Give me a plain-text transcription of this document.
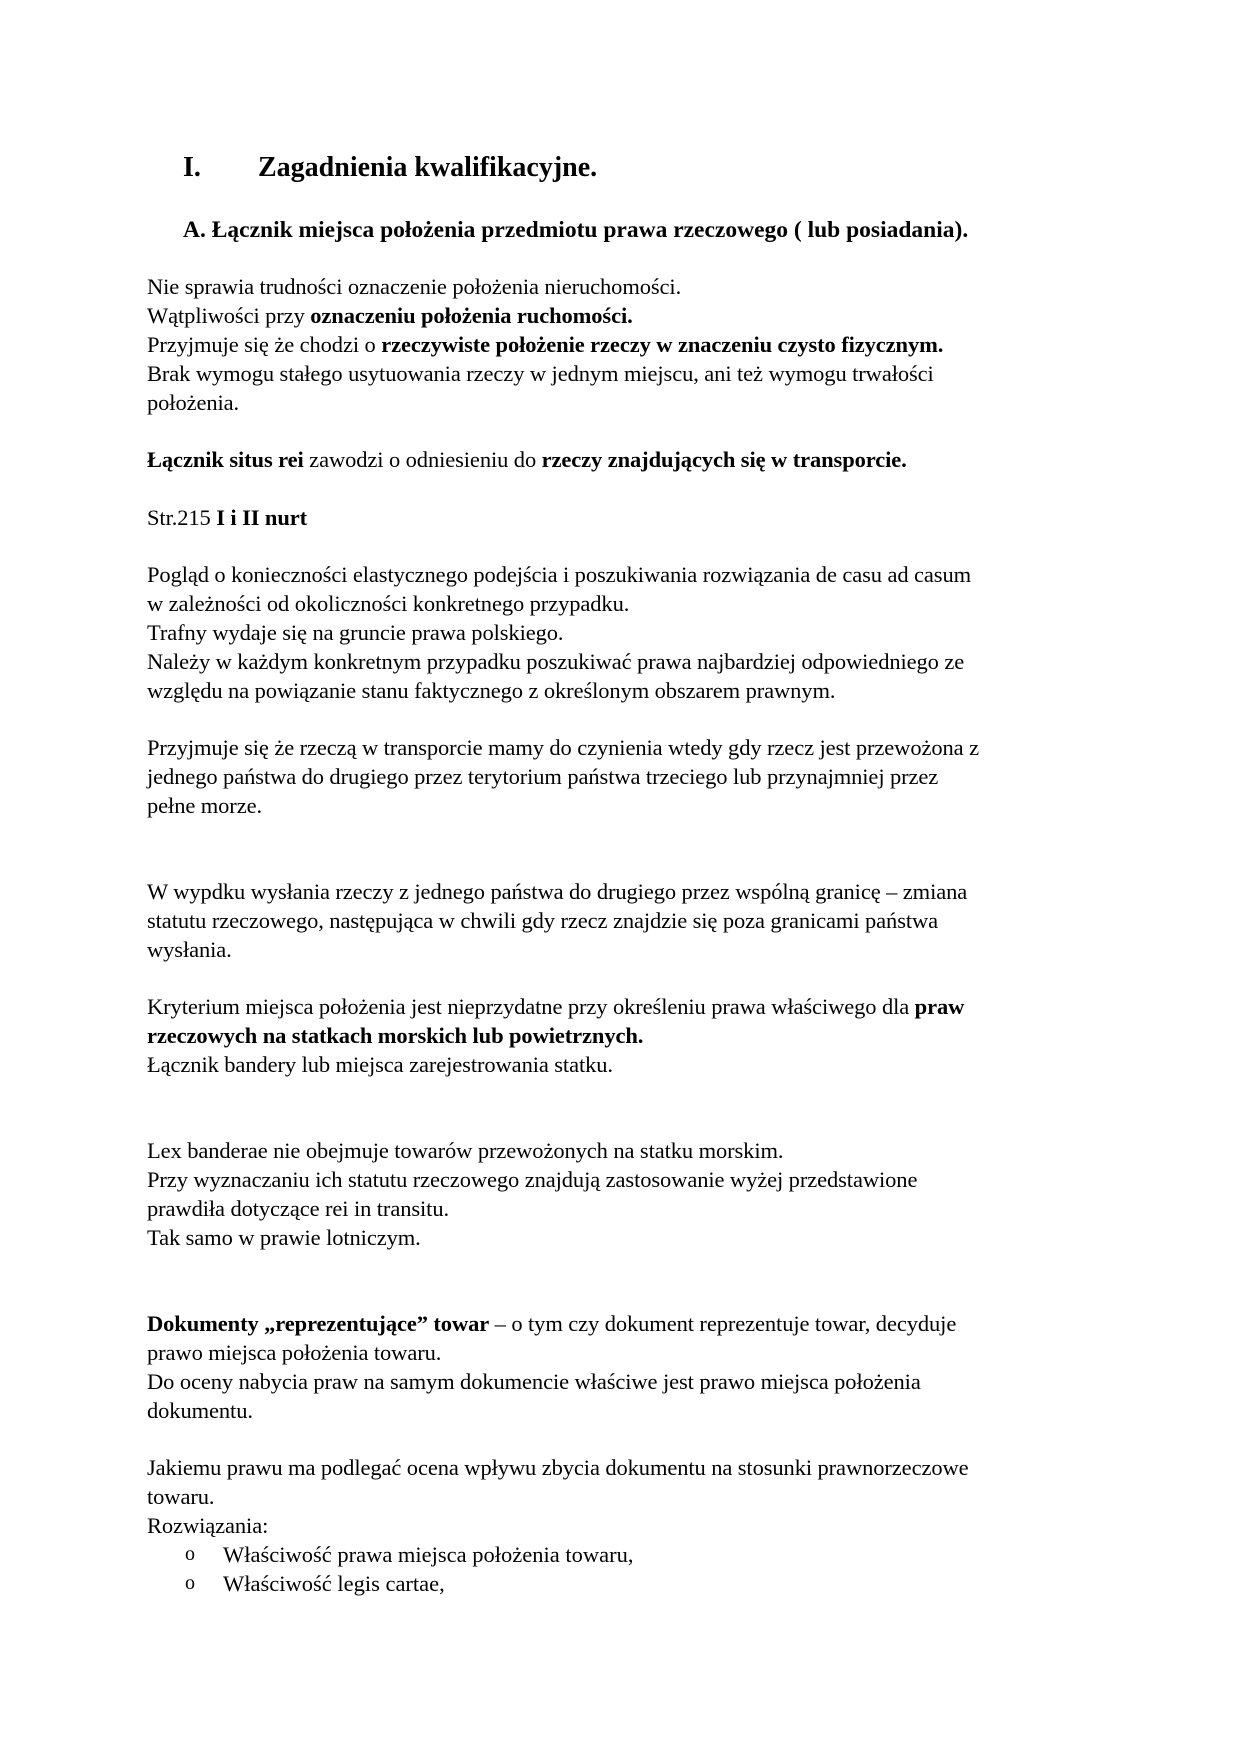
I. Zagadnienia kwalifikacyjne.
A. Łącznik miejsca położenia przedmiotu prawa rzeczowego ( lub posiadania).
Nie sprawia trudności oznaczenie położenia nieruchomości.
Wątpliwości przy oznaczeniu położenia ruchomości.
Przyjmuje się że chodzi o rzeczywiste położenie rzeczy w znaczeniu czysto fizycznym.
Brak wymogu stałego usytuowania rzeczy w jednym miejscu, ani też wymogu trwałości
położenia.
Łącznik situs rei zawodzi o odniesieniu do rzeczy znajdujących się w transporcie.
Str.215 I i II nurt
Pogląd o konieczności elastycznego podejścia i poszukiwania rozwiązania de casu ad casum
w zależności od okoliczności konkretnego przypadku.
Trafny wydaje się na gruncie prawa polskiego.
Należy w każdym konkretnym przypadku poszukiwać prawa najbardziej odpowiedniego ze
względu na powiązanie stanu faktycznego z określonym obszarem prawnym.
Przyjmuje się że rzeczą w transporcie mamy do czynienia wtedy gdy rzecz jest przewożona z
jednego państwa do drugiego przez terytorium państwa trzeciego lub przynajmniej przez
pełne morze.
W wypdku wysłania rzeczy z jednego państwa do drugiego przez wspólną granicę – zmiana
statutu rzeczowego, następująca w chwili gdy rzecz znajdzie się poza granicami państwa
wysłania.
Kryterium miejsca położenia jest nieprzydatne przy określeniu prawa właściwego dla praw
rzeczowych na statkach morskich lub powietrznych.
Łącznik bandery lub miejsca zarejestrowania statku.
Lex banderae nie obejmuje towarów przewożonych na statku morskim.
Przy wyznaczaniu ich statutu rzeczowego znajdują zastosowanie wyżej przedstawione
prawdiła dotyczące rei in transitu.
Tak samo w prawie lotniczym.
Dokumenty „reprezentujące” towar – o tym czy dokument reprezentuje towar, decyduje
prawo miejsca położenia towaru.
Do oceny nabycia praw na samym dokumencie właściwe jest prawo miejsca położenia
dokumentu.
Jakiemu prawu ma podlegać ocena wpływu zbycia dokumentu na stosunki prawnorzeczowe
towaru.
Rozwiązania:
o Właściwość prawa miejsca położenia towaru,
o Właściwość legis cartae,
